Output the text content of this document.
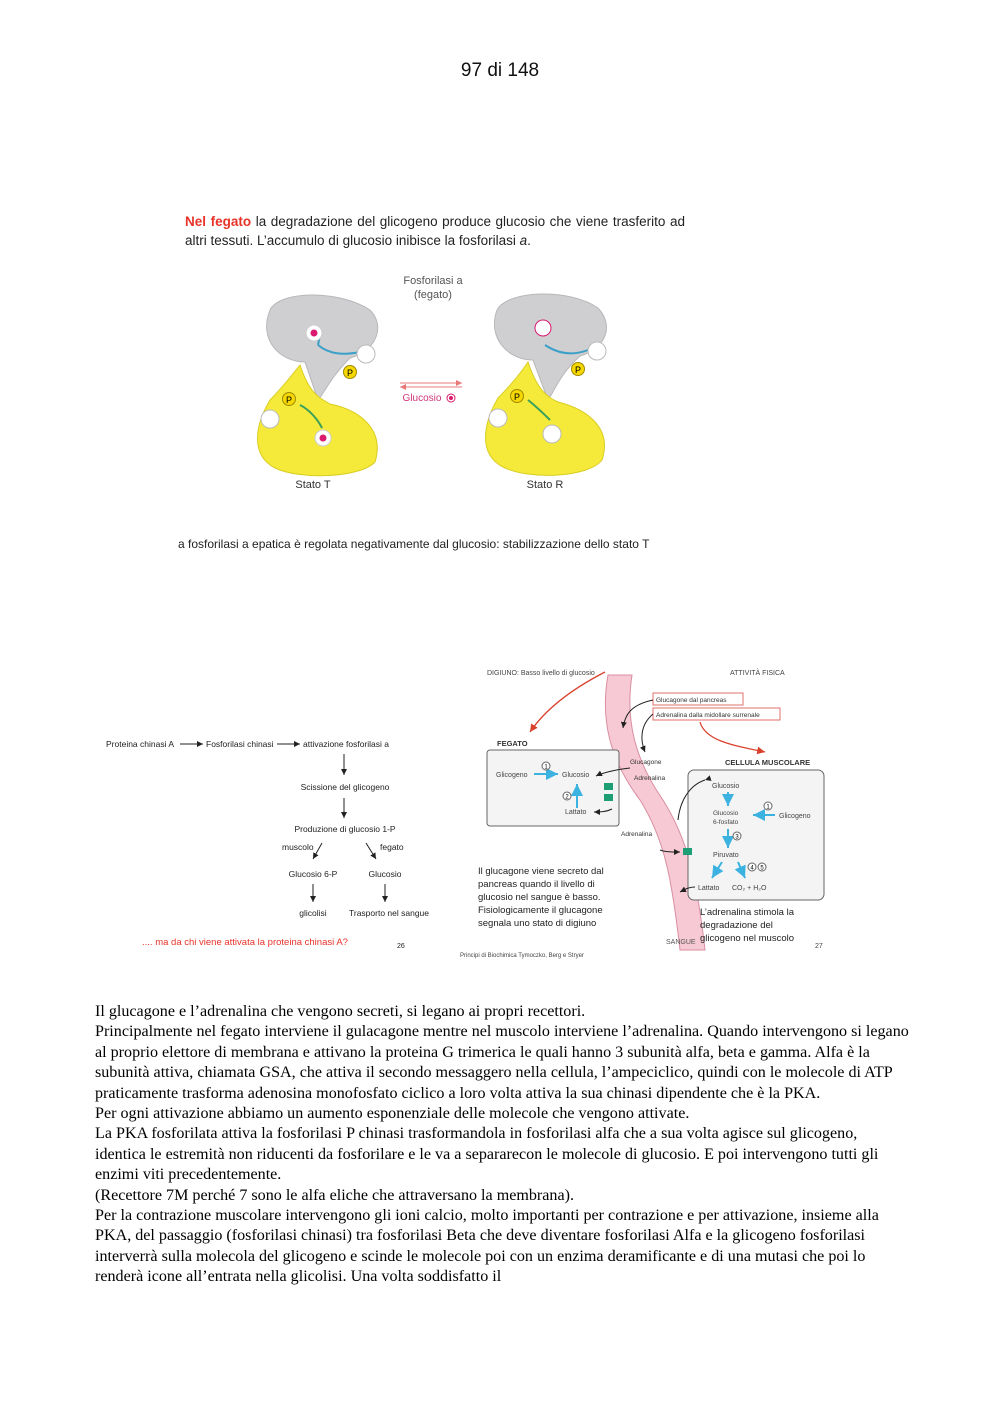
97 di 148
Nel fegato la degradazione del glicogeno produce glucosio che viene trasferito ad altri tessuti. L’accumulo di glucosio inibisce la fosforilasi a.
Fosforilasi a
(fegato)
P
P
Stato T
Glucosio
P
P
Stato R
a fosforilasi a epatica è regolata negativamente dal glucosio: stabilizzazione dello stato T
Proteina chinasi A	Fosforilasi chinasi	attivazione fosforilasi a
Scissione del glicogeno
Produzione di glucosio 1-P
muscolo	fegato
Glucosio 6-P	Glucosio
glicolisi	Trasporto nel sangue
.... ma da chi viene attivata la proteina chinasi A?	26
SANGUE
DIGIUNO: Basso livello di glucosio	ATTIVITÀ FISICA
Glucagone dal pancreas
Adrenalina dalla midollare surrenale
FEGATO
Glicogeno
1
Glucosio
2
Lattato
Glucagone
Adrenalina
Adrenalina
CELLULA MUSCOLARE
Glucosio
Glucosio
6-fosfato
1
Glicogeno
3
Piruvato
4 5
Lattato CO₂ + H₂O
Il glucagone viene secreto dal
pancreas quando il livello di
glucosio nel sangue è basso.
Fisiologicamente il glucagone
segnala uno stato di digiuno
L’adrenalina stimola la
degradazione del
glicogeno nel muscolo
Principi di Biochimica Tymoczko, Berg e Stryer
27

Il glucagone e l’adrenalina che vengono secreti, si legano ai propri recettori.

Principalmente nel fegato interviene il gulacagone mentre nel muscolo interviene l’adrenalina. Quando intervengono si legano al proprio elettore di membrana e attivano la proteina G trimerica le quali hanno 3 subunità alfa, beta e gamma. Alfa è la subunità attiva, chiamata GSA, che attiva il secondo messaggero nella cellula, l’ampeciclico, quindi con le molecole di ATP praticamente trasforma adenosina monofosfato ciclico a loro volta attiva la sua chinasi dipendente che è la PKA.

Per ogni attivazione abbiamo un aumento esponenziale delle molecole che vengono attivate.

La PKA fosforilata attiva la fosforilasi P chinasi trasformandola in fosforilasi alfa che a sua volta agisce sul glicogeno, identica le estremità non riducenti da fosforilare e le va a separarecon le molecole di glucosio. E poi intervengono tutti gli enzimi viti precedentemente.

(Recettore 7M perché 7 sono le alfa eliche che attraversano la membrana).

Per la contrazione muscolare intervengono gli ioni calcio, molto importanti per contrazione e per attivazione, insieme alla PKA, del passaggio (fosforilasi chinasi) tra fosforilasi Beta che deve diventare fosforilasi Alfa e la glicogeno fosforilasi interverrà sulla molecola del glicogeno e scinde le molecole poi con un enzima deramificante e di una mutasi che poi lo renderà icone all’entrata nella glicolisi. Una volta soddisfatto il
